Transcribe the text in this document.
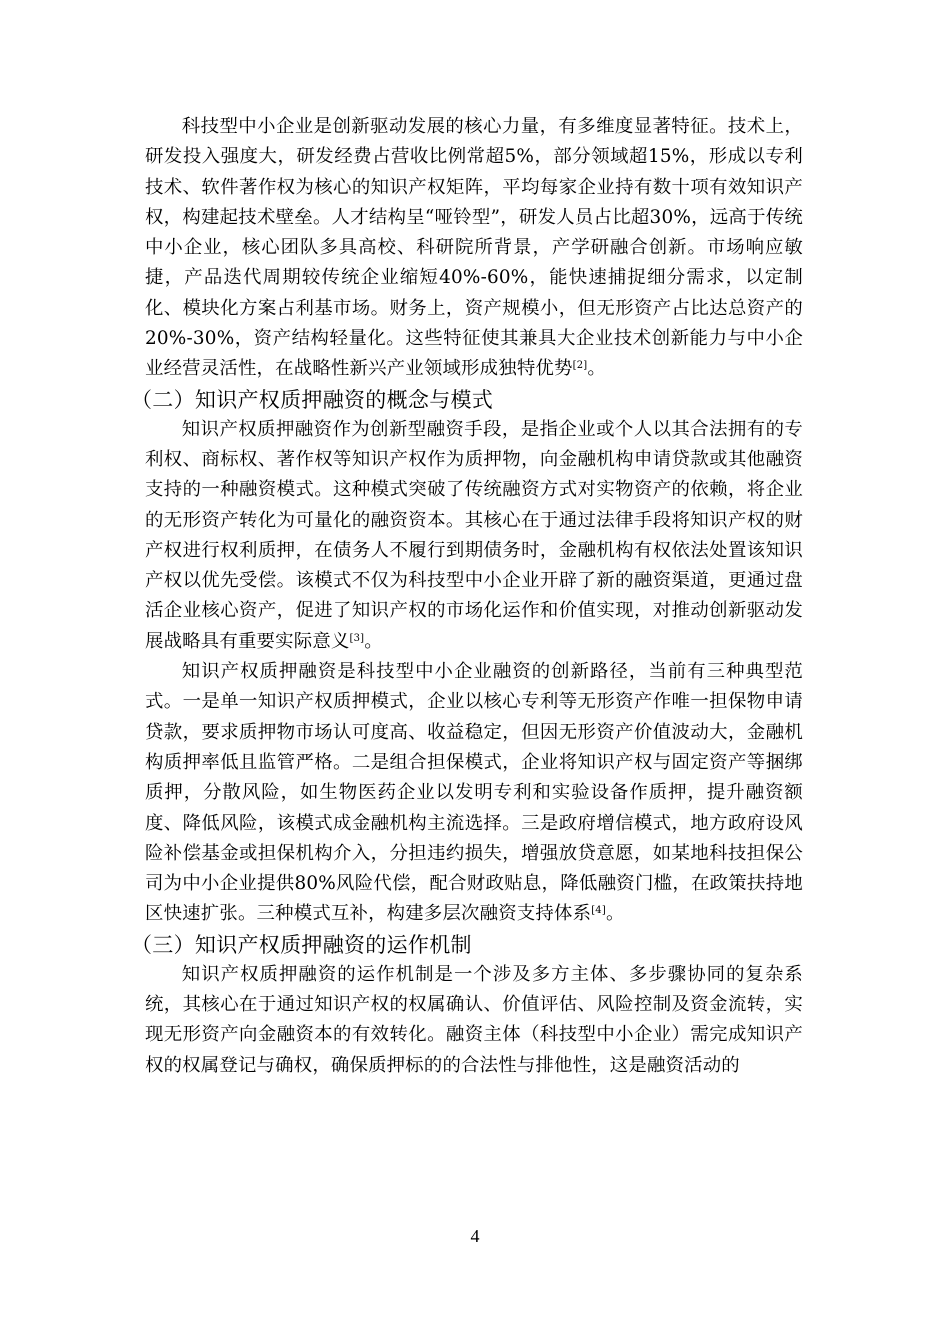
科技型中小企业是创新驱动发展的核心力量，有多维度显著特征。技术上，研发投入强度大，研发经费占营收比例常超5%，部分领域超15%，形成以专利技术、软件著作权为核心的知识产权矩阵，平均每家企业持有数十项有效知识产权，构建起技术壁垒。人才结构呈“哑铃型”，研发人员占比超30%，远高于传统中小企业，核心团队多具高校、科研院所背景，产学研融合创新。市场响应敏捷，产品迭代周期较传统企业缩短40%-60%，能快速捕捉细分需求，以定制化、模块化方案占利基市场。财务上，资产规模小，但无形资产占比达总资产的20%-30%，资产结构轻量化。这些特征使其兼具大企业技术创新能力与中小企业经营灵活性，在战略性新兴产业领域形成独特优势[2]。

（二）知识产权质押融资的概念与模式

知识产权质押融资作为创新型融资手段，是指企业或个人以其合法拥有的专利权、商标权、著作权等知识产权作为质押物，向金融机构申请贷款或其他融资支持的一种融资模式。这种模式突破了传统融资方式对实物资产的依赖，将企业的无形资产转化为可量化的融资资本。其核心在于通过法律手段将知识产权的财产权进行权利质押，在债务人不履行到期债务时，金融机构有权依法处置该知识产权以优先受偿。该模式不仅为科技型中小企业开辟了新的融资渠道，更通过盘活企业核心资产，促进了知识产权的市场化运作和价值实现，对推动创新驱动发展战略具有重要实际意义[3]。

知识产权质押融资是科技型中小企业融资的创新路径，当前有三种典型范式。一是单一知识产权质押模式，企业以核心专利等无形资产作唯一担保物申请贷款，要求质押物市场认可度高、收益稳定，但因无形资产价值波动大，金融机构质押率低且监管严格。二是组合担保模式，企业将知识产权与固定资产等捆绑质押，分散风险，如生物医药企业以发明专利和实验设备作质押，提升融资额度、降低风险，该模式成金融机构主流选择。三是政府增信模式，地方政府设风险补偿基金或担保机构介入，分担违约损失，增强放贷意愿，如某地科技担保公司为中小企业提供80%风险代偿，配合财政贴息，降低融资门槛，在政策扶持地区快速扩张。三种模式互补，构建多层次融资支持体系[4]。

（三）知识产权质押融资的运作机制

知识产权质押融资的运作机制是一个涉及多方主体、多步骤协同的复杂系统，其核心在于通过知识产权的权属确认、价值评估、风险控制及资金流转，实现无形资产向金融资本的有效转化。融资主体（科技型中小企业）需完成知识产权的权属登记与确权，确保质押标的的合法性与排他性，这是融资活动的

4
